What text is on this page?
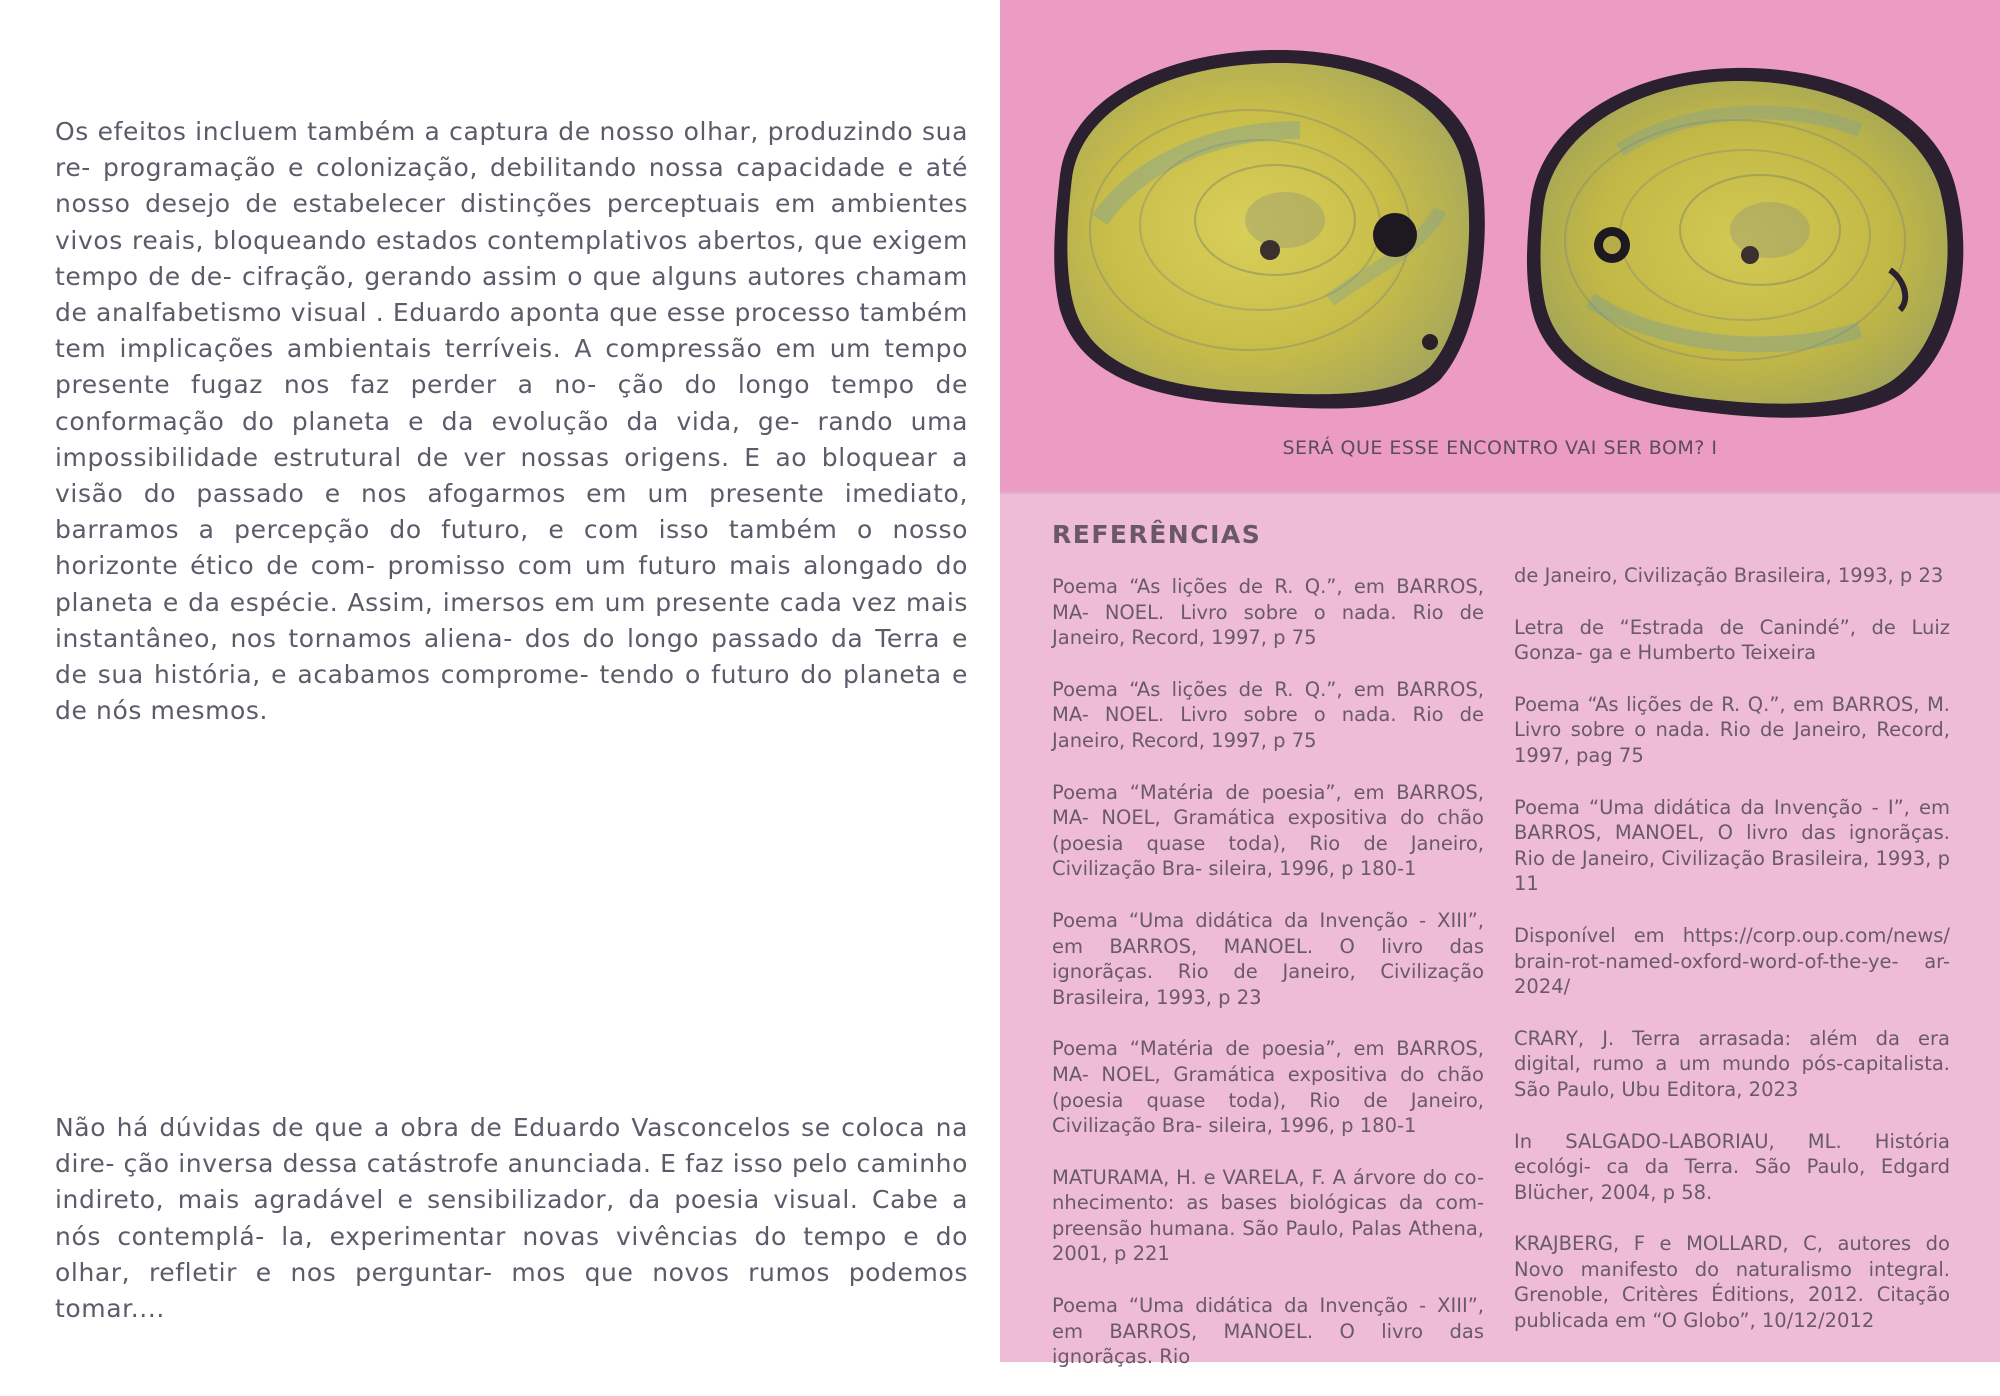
Os efeitos incluem também a captura de nosso olhar, produzindo sua re- programação e colonização, debilitando nossa capacidade e até nosso desejo de estabelecer distinções perceptuais em ambientes vivos reais, bloqueando estados contemplativos abertos, que exigem tempo de de- cifração, gerando assim o que alguns autores chamam de analfabetismo visual . Eduardo aponta que esse processo também tem implicações ambientais terríveis. A compressão em um tempo presente fugaz nos faz perder a no- ção do longo tempo de conformação do planeta e da evolução da vida, ge- rando uma impossibilidade estrutural de ver nossas origens. E ao bloquear a visão do passado e nos afogarmos em um presente imediato, barramos a percepção do futuro, e com isso também o nosso horizonte ético de com- promisso com um futuro mais alongado do planeta e da espécie. Assim, imersos em um presente cada vez mais instantâneo, nos tornamos aliena- dos do longo passado da Terra e de sua história, e acabamos comprome- tendo o futuro do planeta e de nós mesmos.

Não há dúvidas de que a obra de Eduardo Vasconcelos se coloca na dire- ção inversa dessa catástrofe anunciada. E faz isso pelo caminho indireto, mais agradável e sensibilizador, da poesia visual. Cabe a nós contemplá- la, experimentar novas vivências do tempo e do olhar, refletir e nos perguntar- mos que novos rumos podemos tomar....

SERÁ QUE ESSE ENCONTRO VAI SER BOM? I
REFERÊNCIAS

Poema “As lições de R. Q.”, em BARROS, MA- NOEL. Livro sobre o nada. Rio de Janeiro, Record, 1997, p 75

Poema “As lições de R. Q.”, em BARROS, MA- NOEL. Livro sobre o nada. Rio de Janeiro, Record, 1997, p 75

Poema “Matéria de poesia”, em BARROS, MA- NOEL, Gramática expositiva do chão (poesia quase toda), Rio de Janeiro, Civilização Bra- sileira, 1996, p 180-1

Poema “Uma didática da Invenção - XIII”, em BARROS, MANOEL. O livro das ignorãças. Rio de Janeiro, Civilização Brasileira, 1993, p 23

Poema “Matéria de poesia”, em BARROS, MA- NOEL, Gramática expositiva do chão (poesia quase toda), Rio de Janeiro, Civilização Bra- sileira, 1996, p 180-1

MATURAMA, H. e VARELA, F. A árvore do co- nhecimento: as bases biológicas da com- preensão humana. São Paulo, Palas Athena, 2001, p 221

Poema “Uma didática da Invenção - XIII”, em BARROS, MANOEL. O livro das ignorãças. Rio

de Janeiro, Civilização Brasileira, 1993, p 23

Letra de “Estrada de Canindé”, de Luiz Gonza- ga e Humberto Teixeira

Poema “As lições de R. Q.”, em BARROS, M. Livro sobre o nada. Rio de Janeiro, Record, 1997, pag 75

Poema “Uma didática da Invenção - I”, em BARROS, MANOEL, O livro das ignorãças. Rio de Janeiro, Civilização Brasileira, 1993, p 11

Disponível em https://corp.oup.com/news/ brain-rot-named-oxford-word-of-the-ye- ar-2024/

CRARY, J. Terra arrasada: além da era digital, rumo a um mundo pós-capitalista. São Paulo, Ubu Editora, 2023

In SALGADO-LABORIAU, ML. História ecológi- ca da Terra. São Paulo, Edgard Blücher, 2004, p 58.

KRAJBERG, F e MOLLARD, C, autores do Novo manifesto do naturalismo integral. Grenoble, Critères Éditions, 2012. Citação publicada em “O Globo”, 10/12/2012
